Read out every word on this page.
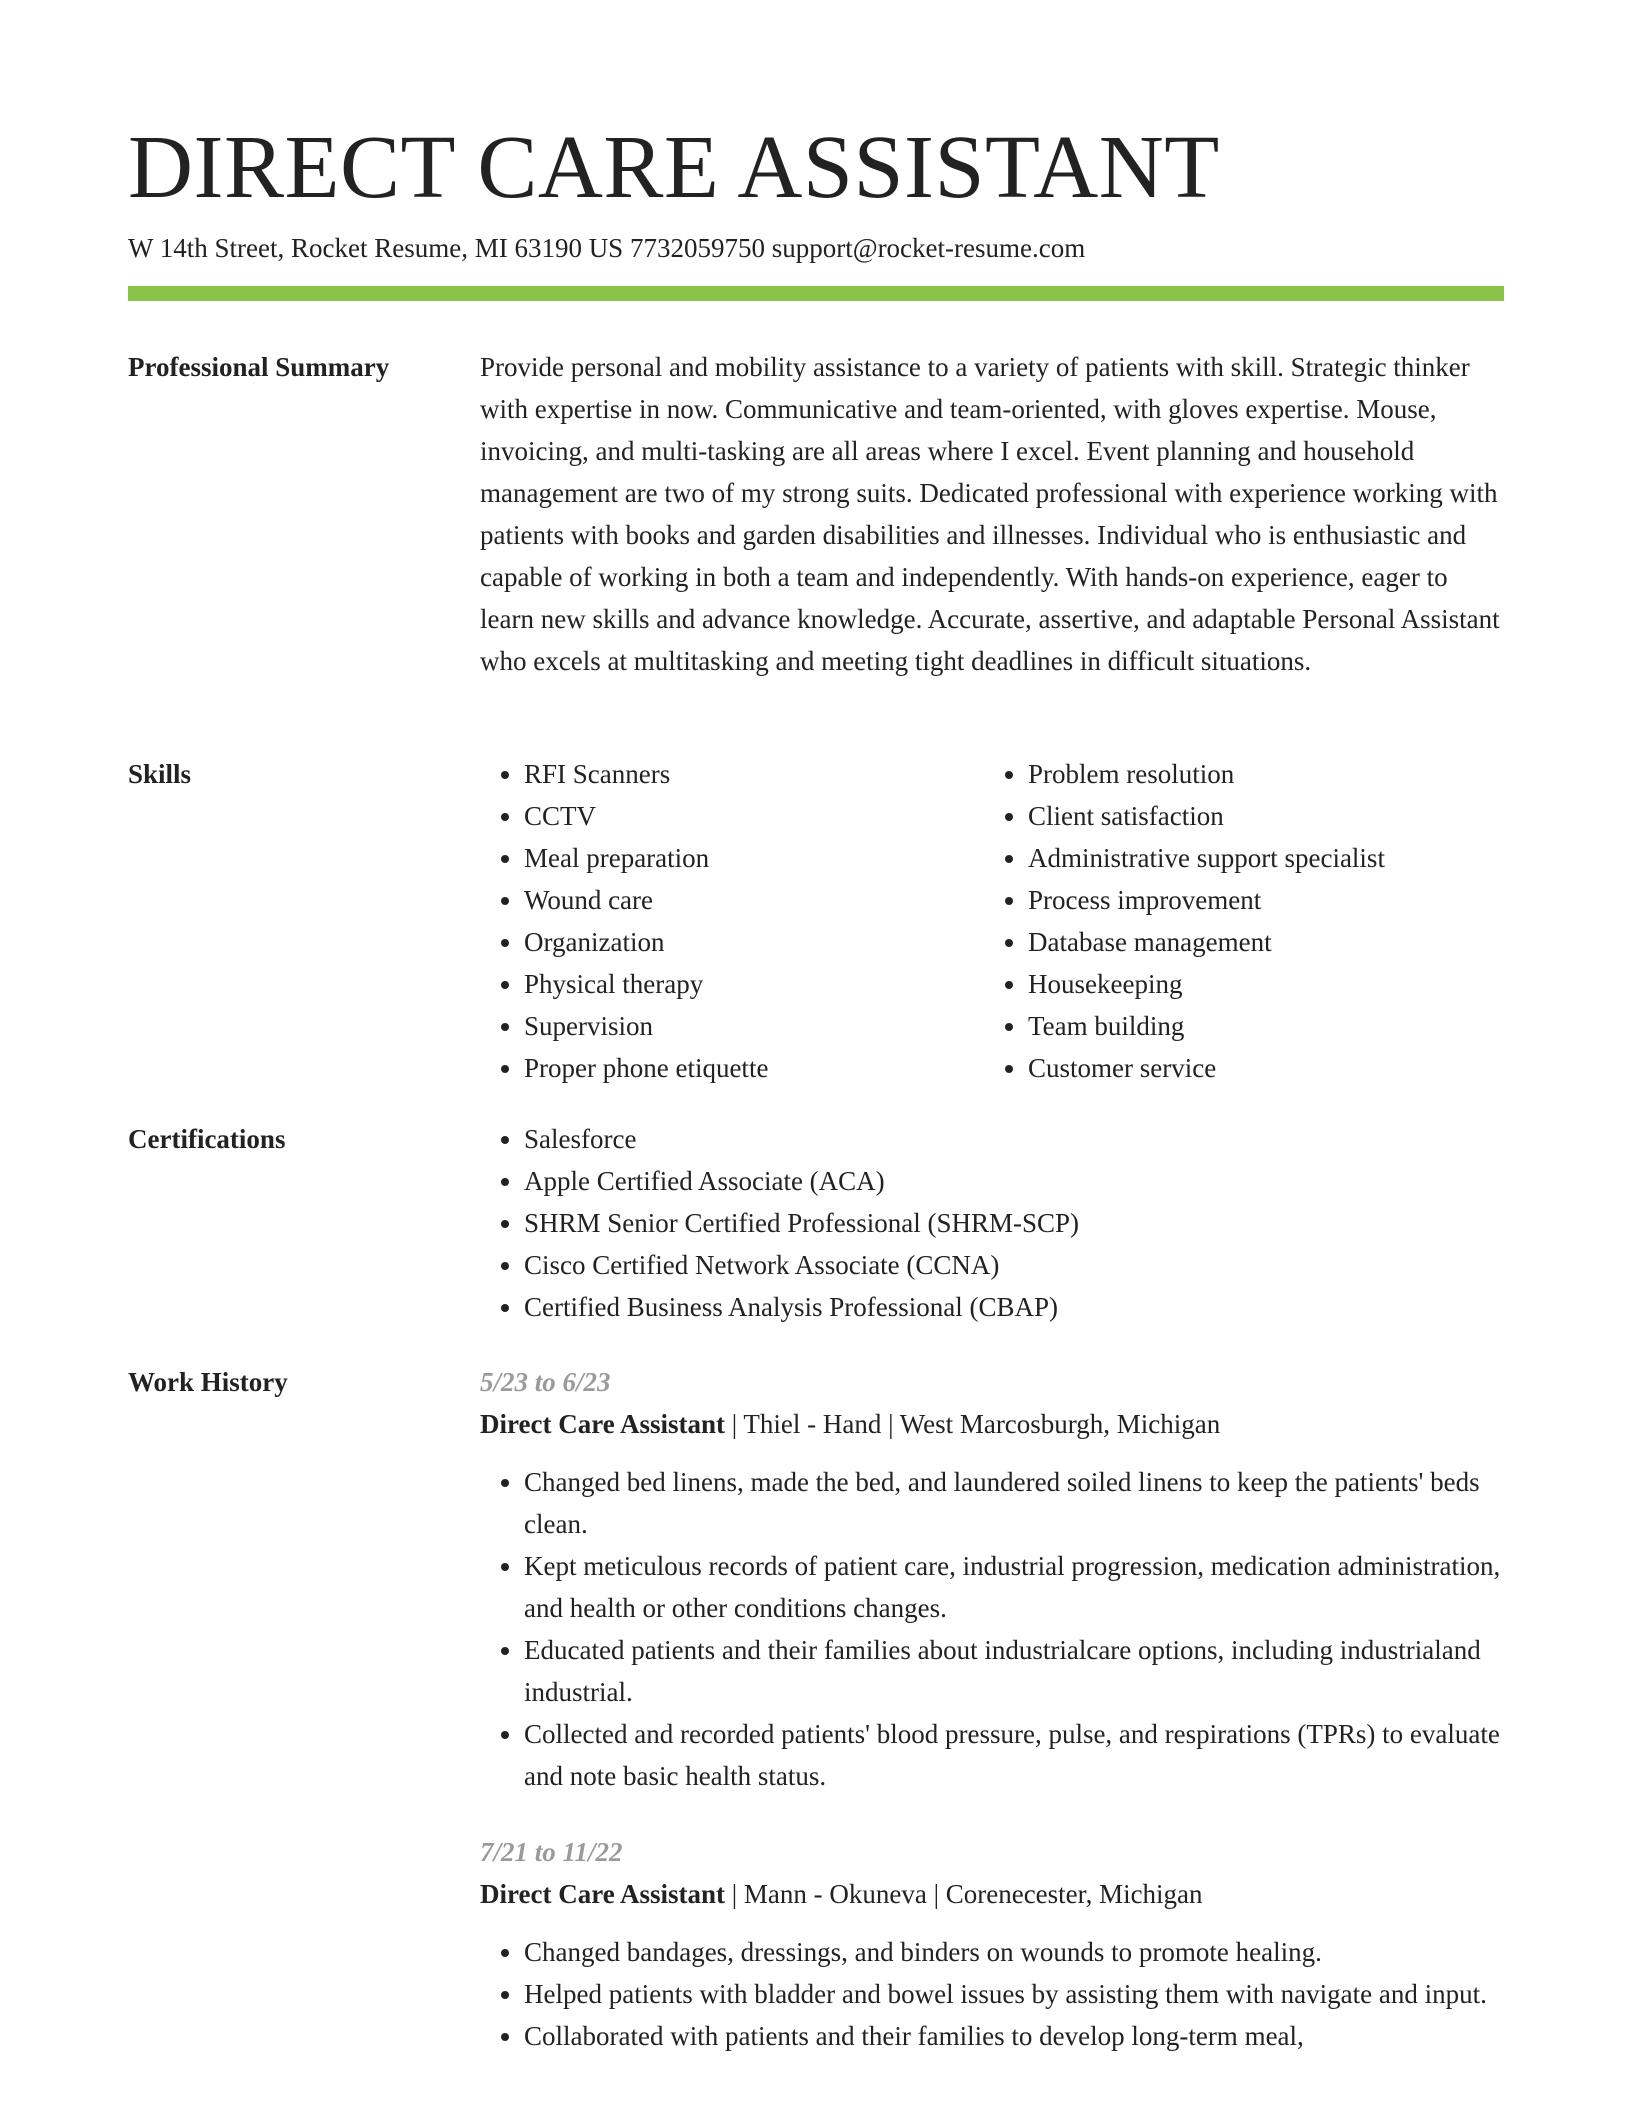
DIRECT CARE ASSISTANT
W 14th Street, Rocket Resume, MI 63190 US 7732059750 support@rocket-resume.com
Professional Summary	Provide personal and mobility assistance to a variety of patients with skill. Strategic thinker with expertise in now. Communicative and team-oriented, with gloves expertise. Mouse, invoicing, and multi-tasking are all areas where I excel. Event planning and household management are two of my strong suits. Dedicated professional with experience working with patients with books and garden disabilities and illnesses. Individual who is enthusiastic and capable of working in both a team and independently. With hands-on experience, eager to learn new skills and advance knowledge. Accurate, assertive, and adaptable Personal Assistant who excels at multitasking and meeting tight deadlines in difficult situations.
Skills	• RFI Scanners
• CCTV
• Meal preparation
• Wound care
• Organization
• Physical therapy
• Supervision
• Proper phone etiquette
• Problem resolution
• Client satisfaction
• Administrative support specialist
• Process improvement
• Database management
• Housekeeping
• Team building
• Customer service
Certifications	• Salesforce
• Apple Certified Associate (ACA)
• SHRM Senior Certified Professional (SHRM-SCP)
• Cisco Certified Network Associate (CCNA)
• Certified Business Analysis Professional (CBAP)
Work History	5/23 to 6/23
Direct Care Assistant | Thiel - Hand | West Marcosburgh, Michigan
• Changed bed linens, made the bed, and laundered soiled linens to keep the patients' beds clean.
• Kept meticulous records of patient care, industrial progression, medication administration, and health or other conditions changes.
• Educated patients and their families about industrialcare options, including industrialand industrial.
• Collected and recorded patients' blood pressure, pulse, and respirations (TPRs) to evaluate and note basic health status.
7/21 to 11/22
Direct Care Assistant | Mann - Okuneva | Corenecester, Michigan
• Changed bandages, dressings, and binders on wounds to promote healing.
• Helped patients with bladder and bowel issues by assisting them with navigate and input.
• Collaborated with patients and their families to develop long-term meal,
